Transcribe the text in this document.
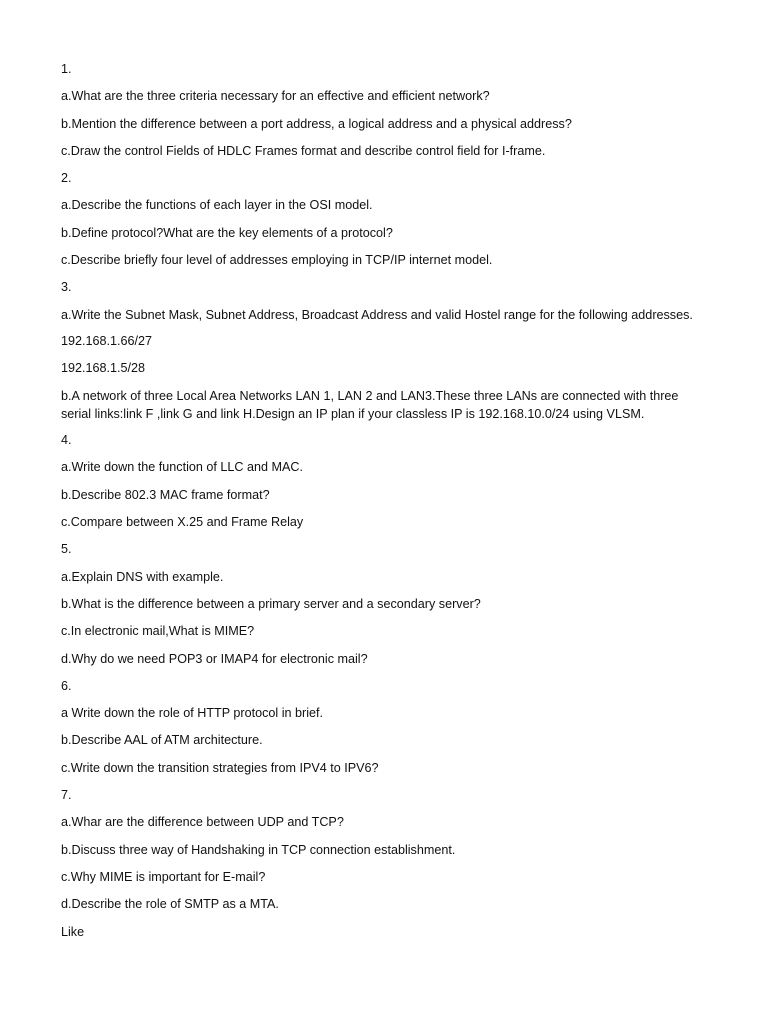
1.

a.What are the three criteria necessary for an effective and efficient network?

b.Mention the difference between a port address, a logical address and a physical address?

c.Draw the control Fields of HDLC Frames format and describe control field for I-frame.

2.

a.Describe the functions of each layer in the OSI model.

b.Define protocol?What are the key elements of a protocol?

c.Describe briefly four level of addresses employing in TCP/IP internet model.

3.

a.Write the Subnet Mask, Subnet Address, Broadcast Address and valid Hostel range for the following addresses.

192.168.1.66/27

192.168.1.5/28

b.A network of three Local Area Networks LAN 1, LAN 2 and LAN3.These three LANs are connected with three serial links:link F ,link G and link H.Design an IP plan if your classless IP is 192.168.10.0/24 using VLSM.

4.

a.Write down the function of LLC and MAC.

b.Describe 802.3 MAC frame format?

c.Compare between X.25 and Frame Relay

5.

a.Explain DNS with example.

b.What is the difference between a primary server and a secondary server?

c.In electronic mail,What is MIME?

d.Why do we need POP3 or IMAP4 for electronic mail?

6.

a Write down the role of HTTP protocol in brief.

b.Describe AAL of ATM architecture.

c.Write down the transition strategies from IPV4 to IPV6?

7.

a.Whar are the difference between UDP and TCP?

b.Discuss three way of Handshaking in TCP connection establishment.

c.Why MIME is important for E-mail?

d.Describe the role of SMTP as a MTA.

Like
